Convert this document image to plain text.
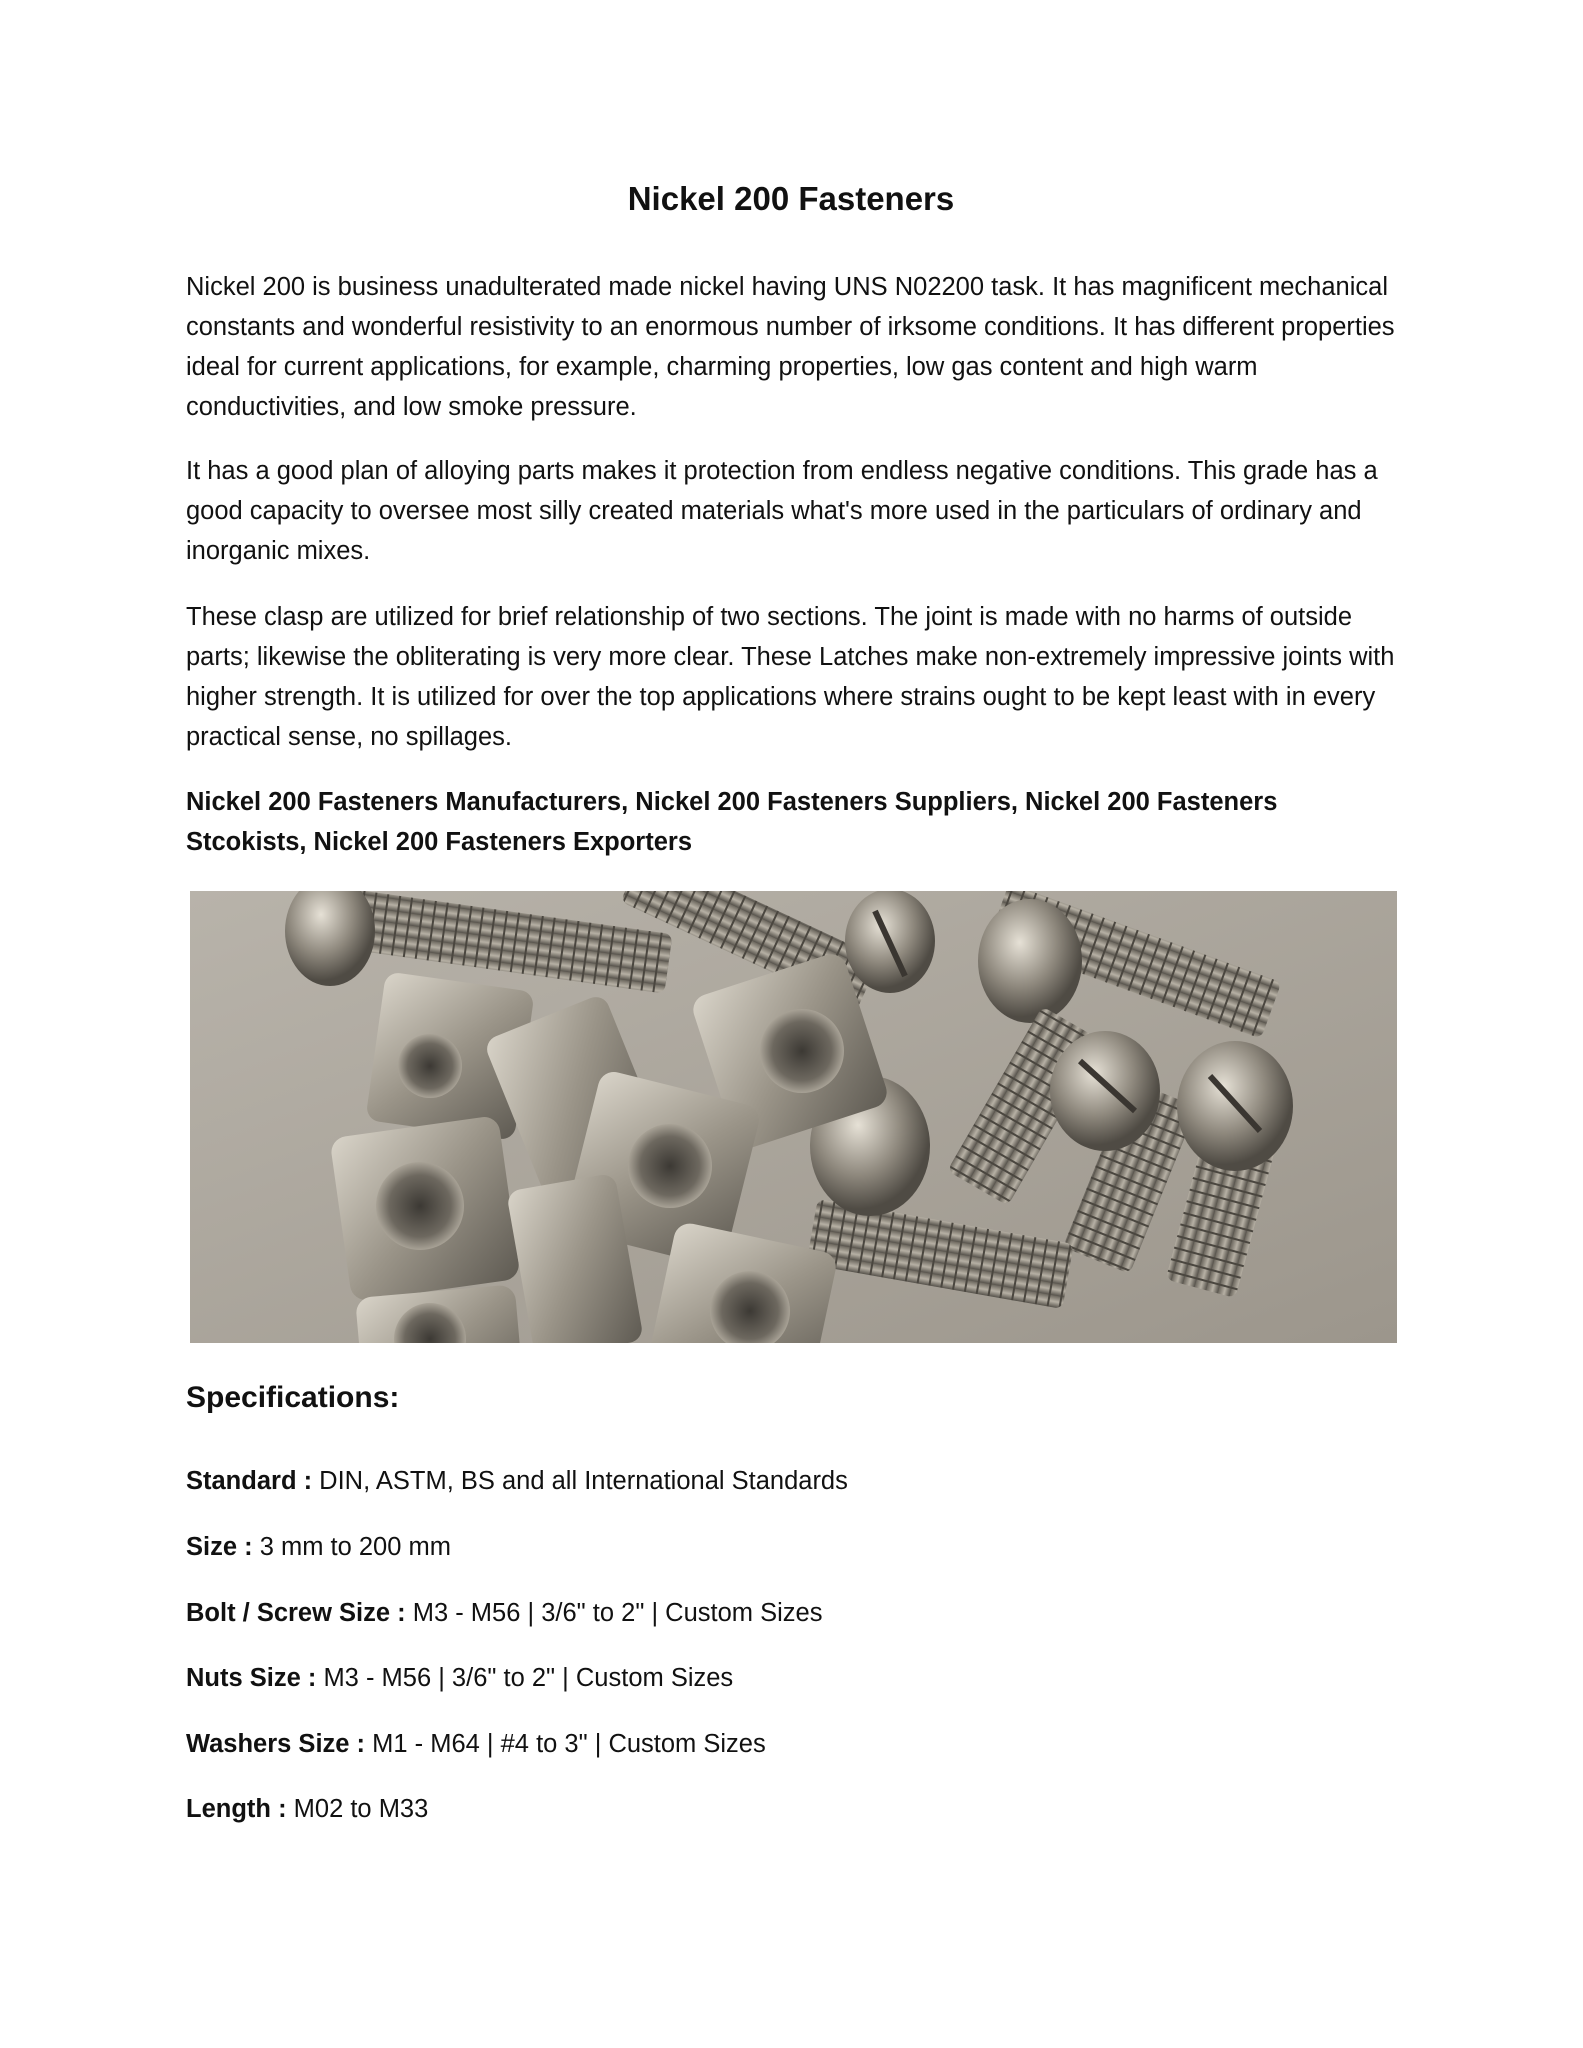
Nickel 200 Fasteners

Nickel 200 is business unadulterated made nickel having UNS N02200 task. It has magnificent mechanical constants and wonderful resistivity to an enormous number of irksome conditions. It has different properties ideal for current applications, for example, charming properties, low gas content and high warm conductivities, and low smoke pressure.

It has a good plan of alloying parts makes it protection from endless negative conditions. This grade has a good capacity to oversee most silly created materials what's more used in the particulars of ordinary and inorganic mixes.

These clasp are utilized for brief relationship of two sections. The joint is made with no harms of outside parts; likewise the obliterating is very more clear. These Latches make non-extremely impressive joints with higher strength. It is utilized for over the top applications where strains ought to be kept least with in every practical sense, no spillages.

Nickel 200 Fasteners Manufacturers, Nickel 200 Fasteners Suppliers, Nickel 200 Fasteners Stcokists, Nickel 200 Fasteners Exporters

Specifications:

Standard : DIN, ASTM, BS and all International Standards

Size : 3 mm to 200 mm

Bolt / Screw Size : M3 - M56 | 3/6" to 2" | Custom Sizes

Nuts Size : M3 - M56 | 3/6" to 2" | Custom Sizes

Washers Size : M1 - M64 | #4 to 3" | Custom Sizes

Length : M02 to M33
